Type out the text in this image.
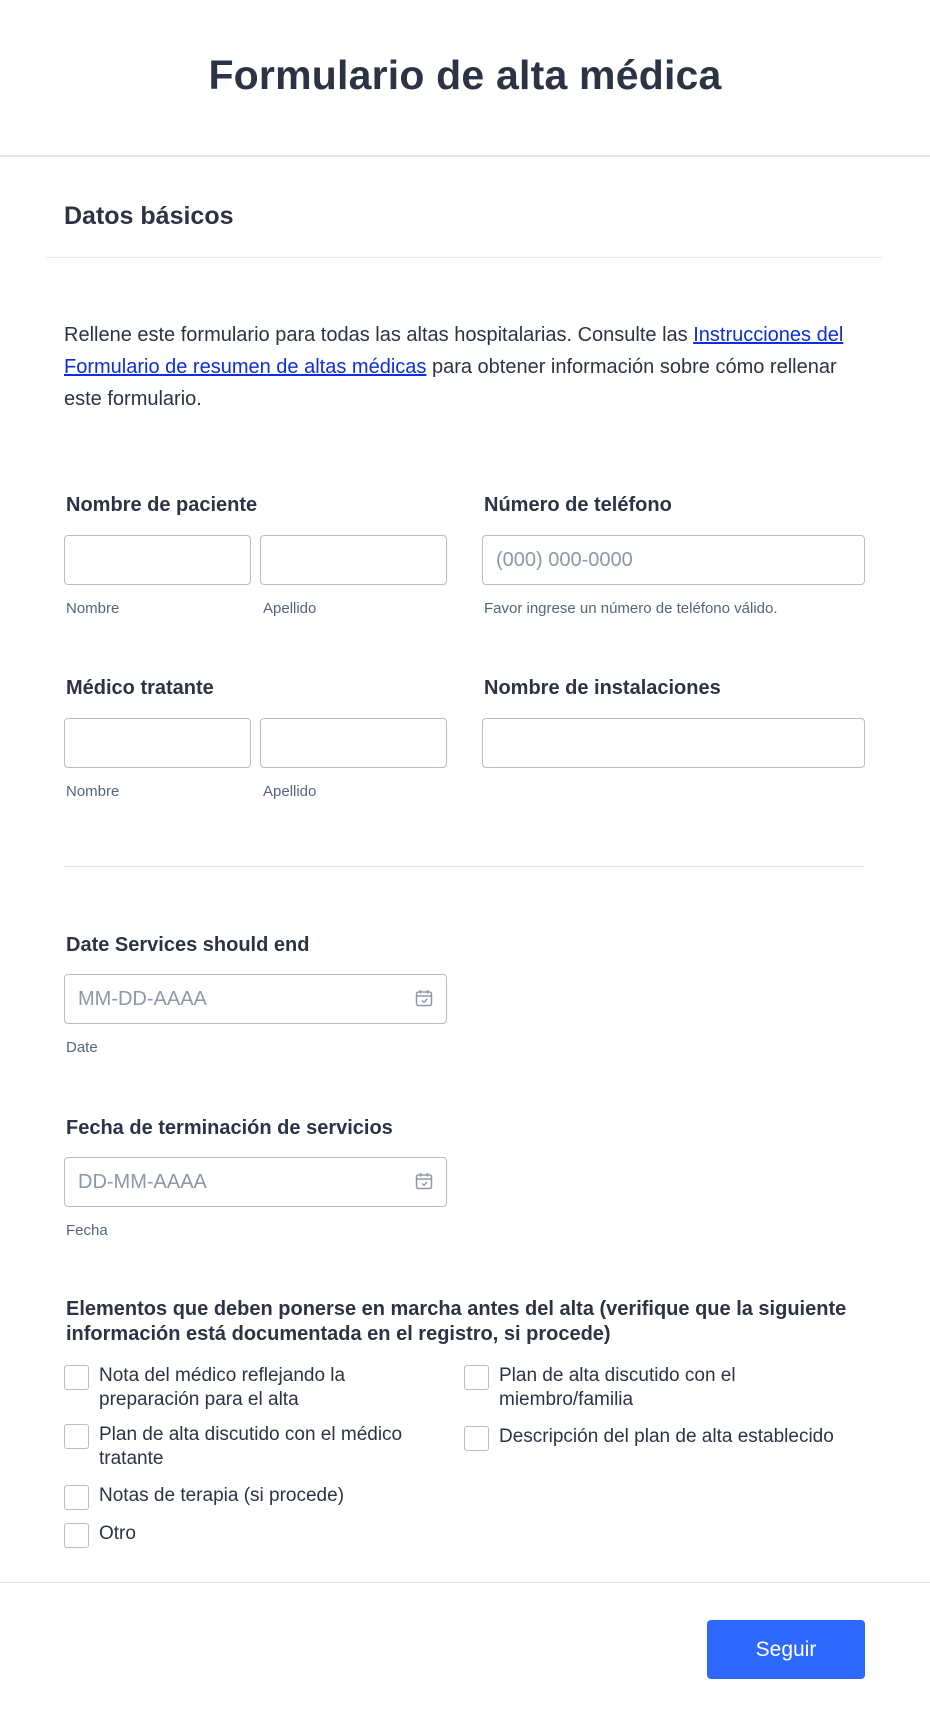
Formulario de alta médica
Datos básicos
Rellene este formulario para todas las altas hospitalarias. Consulte las Instrucciones del Formulario de resumen de altas médicas para obtener información sobre cómo rellenar este formulario.
Nombre de paciente
Nombre	Apellido
Número de teléfono
(000) 000-0000
Favor ingrese un número de teléfono válido.
Médico tratante
Nombre	Apellido
Nombre de instalaciones
Date Services should end
MM-DD-AAAA
Date
Fecha de terminación de servicios
DD-MM-AAAA
Fecha
Elementos que deben ponerse en marcha antes del alta (verifique que la siguiente información está documentada en el registro, si procede)
Nota del médico reflejando la preparación para el alta
Plan de alta discutido con el miembro/familia
Plan de alta discutido con el médico tratante
Descripción del plan de alta establecido
Notas de terapia (si procede)
Otro
Seguir
